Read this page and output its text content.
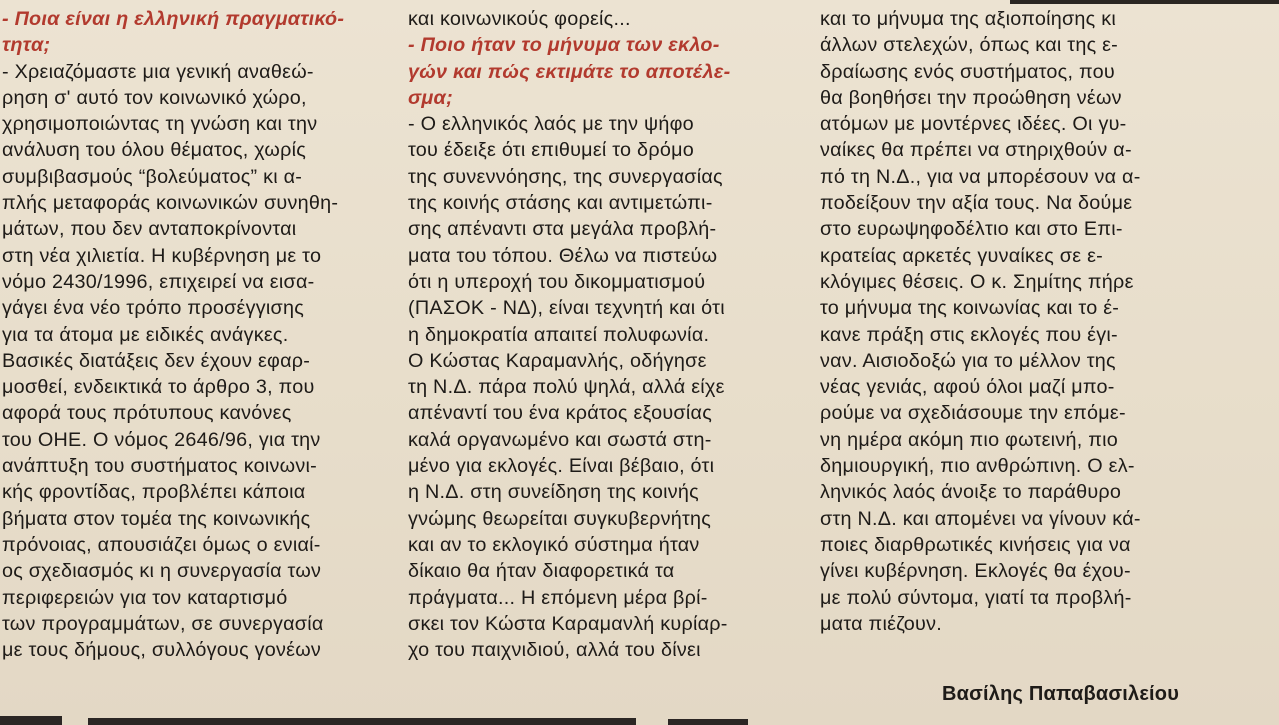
- Ποια είναι η ελληνική πραγματικό-
τητα;
- Χρειαζόμαστε μια γενική αναθεώ-
ρηση σ' αυτό τον κοινωνικό χώρο,
χρησιμοποιώντας τη γνώση και την
ανάλυση του όλου θέματος, χωρίς
συμβιβασμούς “βολεύματος” κι α-
πλής μεταφοράς κοινωνικών συνηθη-
μάτων, που δεν ανταποκρίνονται
στη νέα χιλιετία. Η κυβέρνηση με το
νόμο 2430/1996, επιχειρεί να εισα-
γάγει ένα νέο τρόπο προσέγγισης
για τα άτομα με ειδικές ανάγκες.
Βασικές διατάξεις δεν έχουν εφαρ-
μοσθεί, ενδεικτικά το άρθρο 3, που
αφορά τους πρότυπους κανόνες
του ΟΗΕ. Ο νόμος 2646/96, για την
ανάπτυξη του συστήματος κοινωνι-
κής φροντίδας, προβλέπει κάποια
βήματα στον τομέα της κοινωνικής
πρόνοιας, απουσιάζει όμως ο ενιαί-
ος σχεδιασμός κι η συνεργασία των
περιφερειών για τον καταρτισμό
των προγραμμάτων, σε συνεργασία
με τους δήμους, συλλόγους γονέων
και κοινωνικούς φορείς...
- Ποιο ήταν το μήνυμα των εκλο-
γών και πώς εκτιμάτε το αποτέλε-
σμα;
- Ο ελληνικός λαός με την ψήφο
του έδειξε ότι επιθυμεί το δρόμο
της συνεννόησης, της συνεργασίας
της κοινής στάσης και αντιμετώπι-
σης απέναντι στα μεγάλα προβλή-
ματα του τόπου. Θέλω να πιστεύω
ότι η υπεροχή του δικομματισμού
(ΠΑΣΟΚ - ΝΔ), είναι τεχνητή και ότι
η δημοκρατία απαιτεί πολυφωνία.
Ο Κώστας Καραμανλής, οδήγησε
τη Ν.Δ. πάρα πολύ ψηλά, αλλά είχε
απέναντί του ένα κράτος εξουσίας
καλά οργανωμένο και σωστά στη-
μένο για εκλογές. Είναι βέβαιο, ότι
η Ν.Δ. στη συνείδηση της κοινής
γνώμης θεωρείται συγκυβερνήτης
και αν το εκλογικό σύστημα ήταν
δίκαιο θα ήταν διαφορετικά τα
πράγματα... Η επόμενη μέρα βρί-
σκει τον Κώστα Καραμανλή κυρίαρ-
χο του παιχνιδιού, αλλά του δίνει
και το μήνυμα της αξιοποίησης κι
άλλων στελεχών, όπως και της ε-
δραίωσης ενός συστήματος, που
θα βοηθήσει την προώθηση νέων
ατόμων με μοντέρνες ιδέες. Οι γυ-
ναίκες θα πρέπει να στηριχθούν α-
πό τη Ν.Δ., για να μπορέσουν να α-
ποδείξουν την αξία τους. Να δούμε
στο ευρωψηφοδέλτιο και στο Επι-
κρατείας αρκετές γυναίκες σε ε-
κλόγιμες θέσεις. Ο κ. Σημίτης πήρε
το μήνυμα της κοινωνίας και το έ-
κανε πράξη στις εκλογές που έγι-
ναν. Αισιοδοξώ για το μέλλον της
νέας γενιάς, αφού όλοι μαζί μπο-
ρούμε να σχεδιάσουμε την επόμε-
νη ημέρα ακόμη πιο φωτεινή, πιο
δημιουργική, πιο ανθρώπινη. Ο ελ-
ληνικός λαός άνοιξε το παράθυρο
στη Ν.Δ. και απομένει να γίνουν κά-
ποιες διαρθρωτικές κινήσεις για να
γίνει κυβέρνηση. Εκλογές θα έχου-
με πολύ σύντομα, γιατί τα προβλή-
ματα πιέζουν.
Βασίλης Παπαβασιλείου
